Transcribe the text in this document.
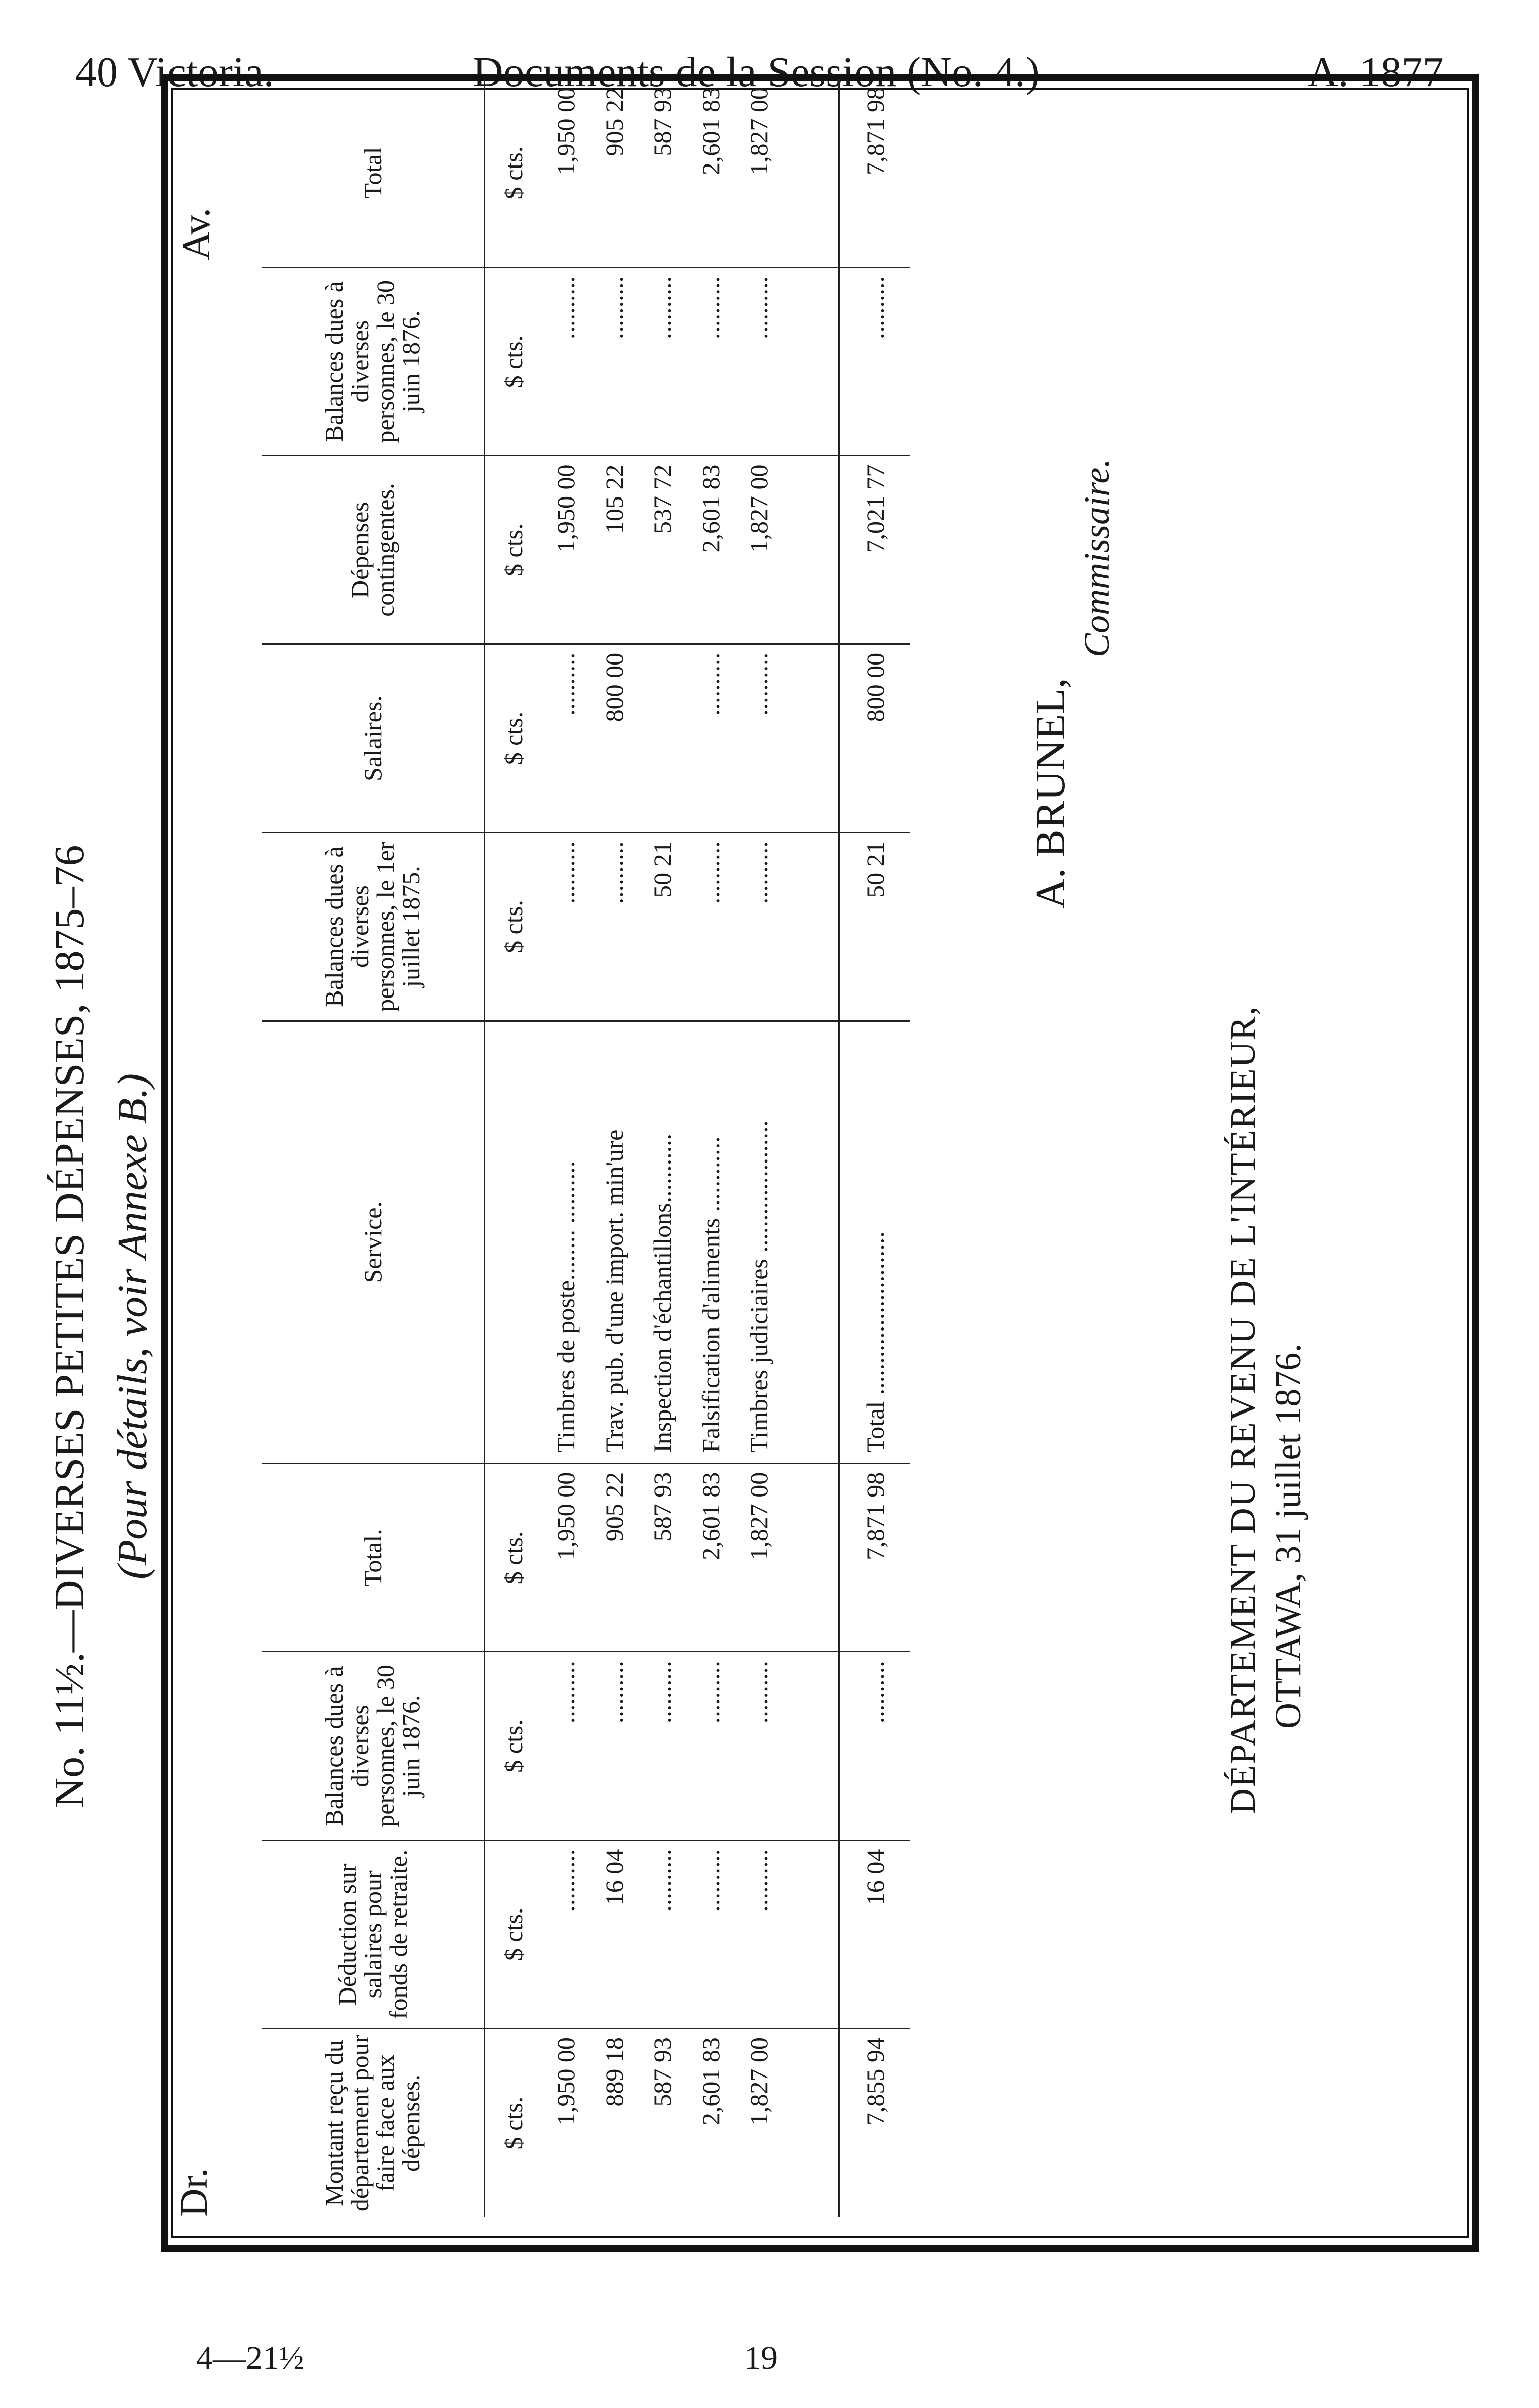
40 Victoria.	Documents de la Session (No. 4.)	A. 1877
No. 11½.—DIVERSES PETITES DÉPENSES, 1875–76 (Pour détails, voir Annexe B.)
Dr.
Av.
Montant reçu du département pour faire face aux dépenses.	Déduction sur salaires pour fonds de retraite.	Balances dues à diverses personnes, le 30 juin 1876.	Total.	Service.	Balances dues à diverses personnes, le 1er juillet 1875.	Salaires.	Dépenses contingentes.	Balances dues à diverses personnes, le 30 juin 1876.	Total
$ cts.	$ cts.	$ cts.	$ cts.		$ cts.	$ cts.	$ cts.	$ cts.	$ cts.
1,950 00	..........	..........	1,950 00	Timbres de poste........ ..........	..........	..........	1,950 00	..........	1,950 00
889 18	16 04	..........	905 22	Trav. pub. d'une import. min'ure	..........	800 00	105 22	..........	905 22
587 93	..........	..........	587 93	Inspection d'échantillons...........	50 21		537 72	..........	587 93
2,601 83	..........	..........	2,601 83	Falsification d'aliments ............	..........	..........	2,601 83	..........	2,601 83
1,827 00	..........	..........	1,827 00	Timbres judiciaires .....................	..........	..........	1,827 00	..........	1,827 00

7,855 94	16 04	..........	7,871 98	Total ..........................	50 21	800 00	7,021 77	..........	7,871 98
A. BRUNEL,
Commissaire.
DÉPARTEMENT DU REVENU DE L'INTÉRIEUR, OTTAWA, 31 juillet 1876.
4—21½	19
